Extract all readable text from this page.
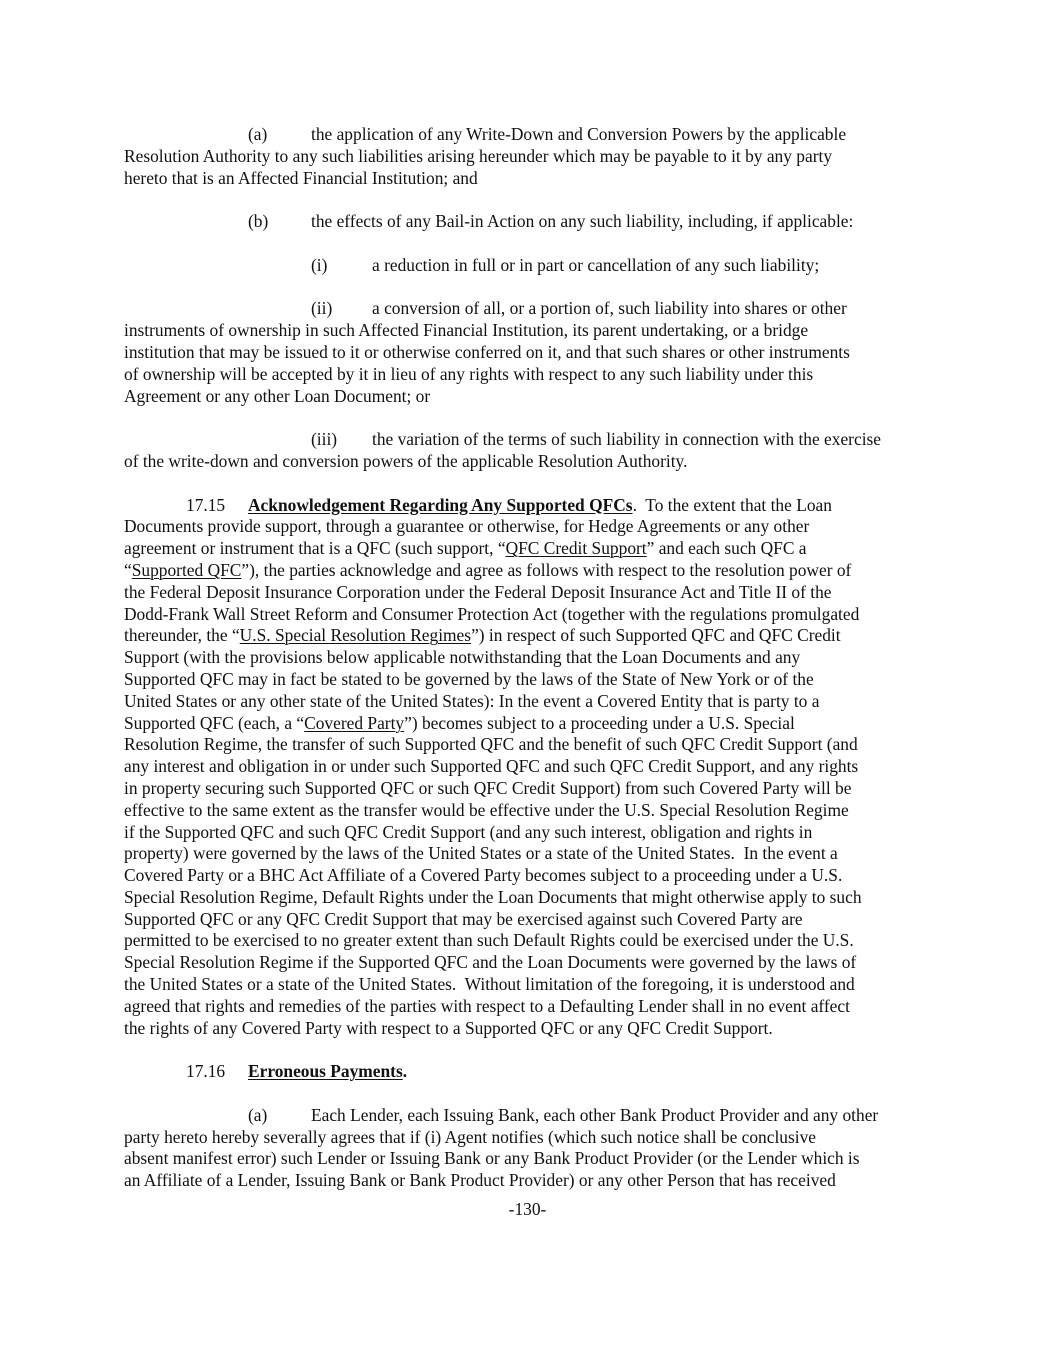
(a)	the application of any Write-Down and Conversion Powers by the applicable
Resolution Authority to any such liabilities arising hereunder which may be payable to it by any party
hereto that is an Affected Financial Institution; and
(b) the effects of any Bail-in Action on any such liability, including, if applicable:
(i)	a reduction in full or in part or cancellation of any such liability;
(ii) a conversion of all, or a portion of, such liability into shares or other
instruments of ownership in such Affected Financial Institution, its parent undertaking, or a bridge
institution that may be issued to it or otherwise conferred on it, and that such shares or other instruments
of ownership will be accepted by it in lieu of any rights with respect to any such liability under this
Agreement or any other Loan Document; or
(iii) the variation of the terms of such liability in connection with the exercise
of the write-down and conversion powers of the applicable Resolution Authority.
17.15 Acknowledgement Regarding Any Supported QFCs.  To the extent that the Loan
Documents provide support, through a guarantee or otherwise, for Hedge Agreements or any other
agreement or instrument that is a QFC (such support, “QFC Credit Support” and each such QFC a
“Supported QFC”), the parties acknowledge and agree as follows with respect to the resolution power of
the Federal Deposit Insurance Corporation under the Federal Deposit Insurance Act and Title II of the
Dodd-Frank Wall Street Reform and Consumer Protection Act (together with the regulations promulgated
thereunder, the “U.S. Special Resolution Regimes”) in respect of such Supported QFC and QFC Credit
Support (with the provisions below applicable notwithstanding that the Loan Documents and any
Supported QFC may in fact be stated to be governed by the laws of the State of New York or of the
United States or any other state of the United States): In the event a Covered Entity that is party to a
Supported QFC (each, a “Covered Party”) becomes subject to a proceeding under a U.S. Special
Resolution Regime, the transfer of such Supported QFC and the benefit of such QFC Credit Support (and
any interest and obligation in or under such Supported QFC and such QFC Credit Support, and any rights
in property securing such Supported QFC or such QFC Credit Support) from such Covered Party will be
effective to the same extent as the transfer would be effective under the U.S. Special Resolution Regime
if the Supported QFC and such QFC Credit Support (and any such interest, obligation and rights in
property) were governed by the laws of the United States or a state of the United States.  In the event a
Covered Party or a BHC Act Affiliate of a Covered Party becomes subject to a proceeding under a U.S.
Special Resolution Regime, Default Rights under the Loan Documents that might otherwise apply to such
Supported QFC or any QFC Credit Support that may be exercised against such Covered Party are
permitted to be exercised to no greater extent than such Default Rights could be exercised under the U.S.
Special Resolution Regime if the Supported QFC and the Loan Documents were governed by the laws of
the United States or a state of the United States.  Without limitation of the foregoing, it is understood and
agreed that rights and remedies of the parties with respect to a Defaulting Lender shall in no event affect
the rights of any Covered Party with respect to a Supported QFC or any QFC Credit Support.
17.16 Erroneous Payments.
(a)	Each Lender, each Issuing Bank, each other Bank Product Provider and any other
party hereto hereby severally agrees that if (i) Agent notifies (which such notice shall be conclusive
absent manifest error) such Lender or Issuing Bank or any Bank Product Provider (or the Lender which is
an Affiliate of a Lender, Issuing Bank or Bank Product Provider) or any other Person that has received
-130-
